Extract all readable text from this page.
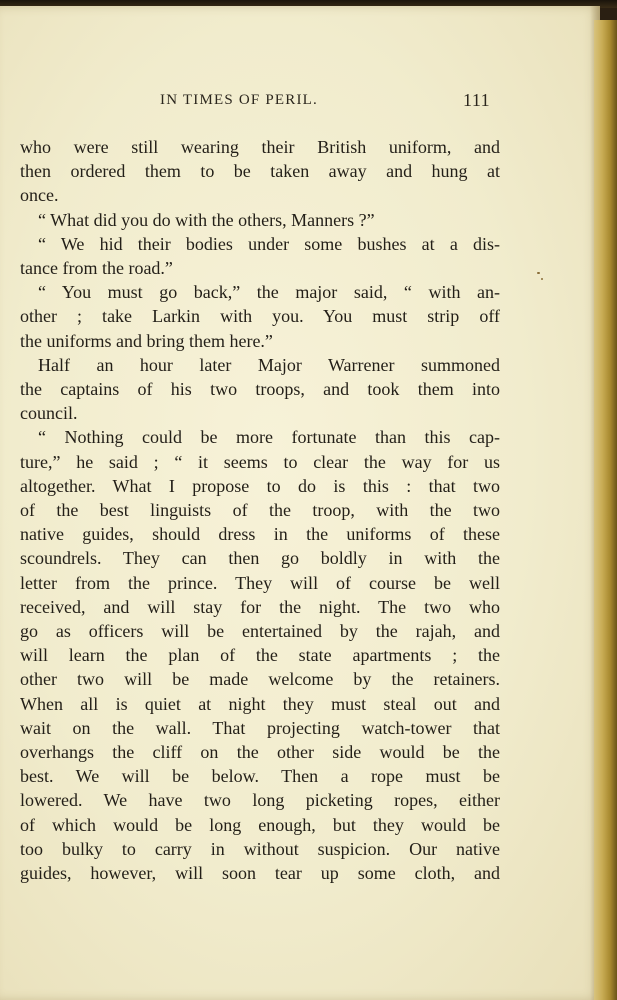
IN TIMES OF PERIL.	111
who were still wearing their British uniform, and
then ordered them to be taken away and hung at
once.
“ What did you do with the others, Manners ?”
“ We hid their bodies under some bushes at a dis-
tance from the road.”
“ You must go back,” the major said, “ with an-
other ; take Larkin with you. You must strip off
the uniforms and bring them here.”
Half an hour later Major Warrener summoned
the captains of his two troops, and took them into
council.
“ Nothing could be more fortunate than this cap-
ture,” he said ; “ it seems to clear the way for us
altogether. What I propose to do is this : that two
of the best linguists of the troop, with the two
native guides, should dress in the uniforms of these
scoundrels. They can then go boldly in with the
letter from the prince. They will of course be well
received, and will stay for the night. The two who
go as officers will be entertained by the rajah, and
will learn the plan of the state apartments ; the
other two will be made welcome by the retainers.
When all is quiet at night they must steal out and
wait on the wall. That projecting watch-tower that
overhangs the cliff on the other side would be the
best. We will be below. Then a rope must be
lowered. We have two long picketing ropes, either
of which would be long enough, but they would be
too bulky to carry in without suspicion. Our native
guides, however, will soon tear up some cloth, and
